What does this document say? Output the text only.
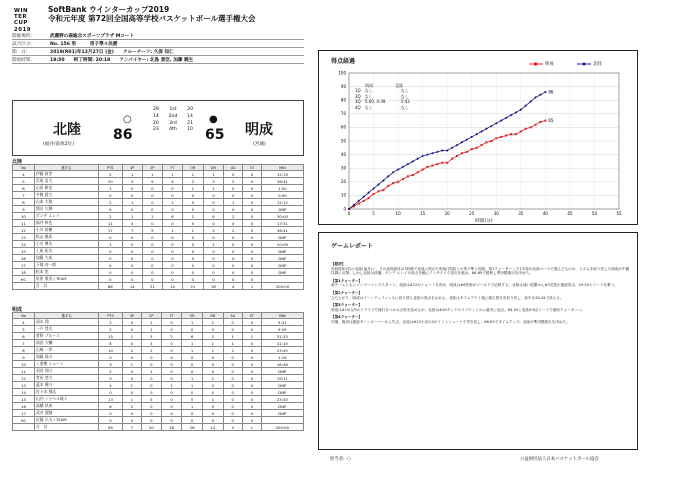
WIN
TER
CUP
2019
SoftBank ウインターカップ2019
令和元年度 第72回全国高等学校バスケットボール選手権大会
開催場所:	武蔵野の森総合スポーツプラザ Mコート
試合区分:	No. 156 男　　　男子準々決勝
期　日:	2019(R01)年12月27日 (金)　　クルーチーフ: 久保 知仁
開始時間:	18:50　　終了時間: 20:18　　アンパイヤー: 北島 貢臣, 加藤 暁生
北陸
(福井/前体2位)
○
86
29 1st 20
14 2nd 14
20 3rd 21
23 4th 10
●
65 明成
(宮城)
北陸
No	選手名	PTS	3P	2P	FT	OR	DR	AS	ST	MIN
4	伊藤 陸世	2	1	1	1	1	1	0	0	12:19
5	荒尾 浩大	20	3	9	4	3	3	2	0	36:41
6	山田 耕也	1	0	0	0	1	1	0	0	1:50
7	多数 游大	0	0	0	0	0	0	0	0	0:00
8	山本 大翔	2	1	0	1	0	0	1	0	12:12
9	間川 久輝	0	0	0	0	0	0	0	0	DNP
10	ダンテ エレイ	2	1	1	6	2	6	2	0	30:00
11	福井 幹也	11	5	0	0	0	0	0	0	17:51
12	小川 裕樹	17	7	5	1	1	2	2	0	36:41
13	松山 勘武	0	0	0	0	0	0	0	0	DNP
14	小川 博矢	1	0	0	0	0	1	0	0	20:09
15	土屋 拓矢	0	0	0	0	0	0	0	0	DNP
16	加藤 大成	0	0	0	0	0	0	0	0	DNP
17	下地 亮一郎	0	0	0	0	0	0	0	0	DNP
18	松本 悠	0	0	0	0	0	0	0	0	DNP
HC	星景 朋彦 / TEAM	0	0	0	0	0	0	0	0	
	合　計	86	14	31	14	21	18	4	1	200:00
明成
No	選手名	PTS	3P	2P	FT	OR	DR	AS	ST	MIN
4	清水 翔	2	0	1	0	1	1	0	0	5:41
5	一戸 啓太	2	0	1	0	0	0	0	0	9:29
6	菅野 ブルース	15	1	5	2	6	2	1	1	31:23
7	前田 大輔	8	0	4	0	1	1	1	0	22:10
8	山崎 一渉	10	2	2	0	1	1	2	0	23:45
9	加藤 陸斗	0	0	0	0	0	0	0	0	1:16
10	八重樫 ショーン	3	1	0	0	0	0	0	0	16:36
11	須田 翔斗	2	0	1	0	0	0	0	0	DNP
12	堂田 悠大	0	0	0	0	1	1	0	0	19:31
13	蓋木 健斗	4	1	0	1	1	0	0	0	DNP
14	佐々木 凰汰	0	0	0	0	0	0	0	0	DNP
15	山内 ジャヘル琉人	13	1	5	0	5	1	0	0	23:45
16	高橋 快成	6	2	0	0	1	0	0	0	DNP
17	武谷 滉隆	0	0	0	0	0	0	0	0	DNP
HC	佐藤 久夫 / TEAM	0	0	0	0	0	0	0	0	
	合　計	65	7	20	18	26	14	4	1	200:00
得点経過	明成	北陸
0
10
20
30
40
50
60
70
80
90
100
0	5	10	15	20	25	30	35	40	45	50	55
時間(分)
65
86
明成	北陸
1Q なし	なし
2Q なし	なし
3Q 5-00, 4-39	1:43
4Q なし	なし
ゲームレポート
【総評】
高校総体2位の北陸(福井)と、その高校総体の3回戦で北陸に敗れた明成(宮城)との男子準々決勝。第1クォーターこそ1本差の北陸ペースで進んだものの、リズムを取り戻した明成が中盤以降に反撃。しかし北陸は終盤、ダンテ エレイの高さを軸にインサイドで得点を重ね、86-65で勝利し準決勝進出を決めた。
【第1クォーター】
両チームともにマンツーマンでスタート。北陸は#12がシュートを決め、明成は#6菅野がゴール下で応戦する。北陸は速い展開から#5荒尾が連続得点、29-20とリードを奪う。
【第2クォーター】
立ち上がり、明成はゾーンディフェンスに切り替え北陸の得点を止める。北陸はタイムアウト後に落ち着きを取り戻し、前半を43-34で終える。
【第3クォーター】
明成は#15山内のドライブで流れをつかみ点差を詰めるが、北陸は#10ダンテのリバウンドから確実に加点。63-55と北陸が8点リードで最終クォーターへ。
【第4クォーター】
序盤、明成は連続ターンオーバーから失点。北陸は#12小川の3ポイントシュートで突き放し、86-65でタイムアップ。北陸が準決勝進出を決めた。
担当者:（）	公益財団法人日本バスケットボール協会
